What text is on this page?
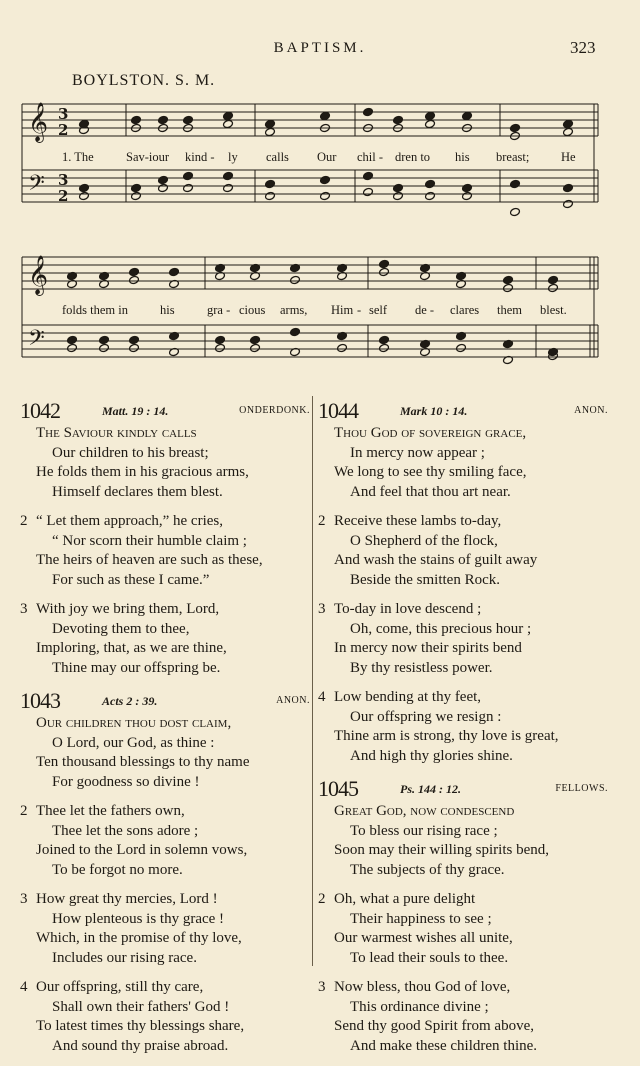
BAPTISM.	323
BOYLSTON. S. M.
𝄞 3
2
𝄢 3
2
𝄞
𝄢
1. The	Sav-iour kind - ly calls Our chil - dren to his breast;	He
folds them in	his	gra - cious arms, Him - self de - clares them blest.
1042	Matt. 19 : 14.	ONDERDONK.
The Saviour kindly calls
Our children to his breast;
He folds them in his gracious arms,
Himself declares them blest.
2 “ Let them approach,” he cries,
“ Nor scorn their humble claim ;
The heirs of heaven are such as these,
For such as these I came.”
3 With joy we bring them, Lord,
Devoting them to thee,
Imploring, that, as we are thine,
Thine may our offspring be.
1043	Acts 2 : 39.	ANON.
Our children thou dost claim,
O Lord, our God, as thine :
Ten thousand blessings to thy name
For goodness so divine !
2 Thee let the fathers own,
Thee let the sons adore ;
Joined to the Lord in solemn vows,
To be forgot no more.
3 How great thy mercies, Lord !
How plenteous is thy grace !
Which, in the promise of thy love,
Includes our rising race.
4 Our offspring, still thy care,
Shall own their fathers' God !
To latest times thy blessings share,
And sound thy praise abroad.
1044	Mark 10 : 14.	ANON.
Thou God of sovereign grace,
In mercy now appear ;
We long to see thy smiling face,
And feel that thou art near.
2 Receive these lambs to-day,
O Shepherd of the flock,
And wash the stains of guilt away
Beside the smitten Rock.
3 To-day in love descend ;
Oh, come, this precious hour ;
In mercy now their spirits bend
By thy resistless power.
4 Low bending at thy feet,
Our offspring we resign :
Thine arm is strong, thy love is great,
And high thy glories shine.
1045	Ps. 144 : 12.	FELLOWS.
Great God, now condescend
To bless our rising race ;
Soon may their willing spirits bend,
The subjects of thy grace.
2 Oh, what a pure delight
Their happiness to see ;
Our warmest wishes all unite,
To lead their souls to thee.
3 Now bless, thou God of love,
This ordinance divine ;
Send thy good Spirit from above,
And make these children thine.
